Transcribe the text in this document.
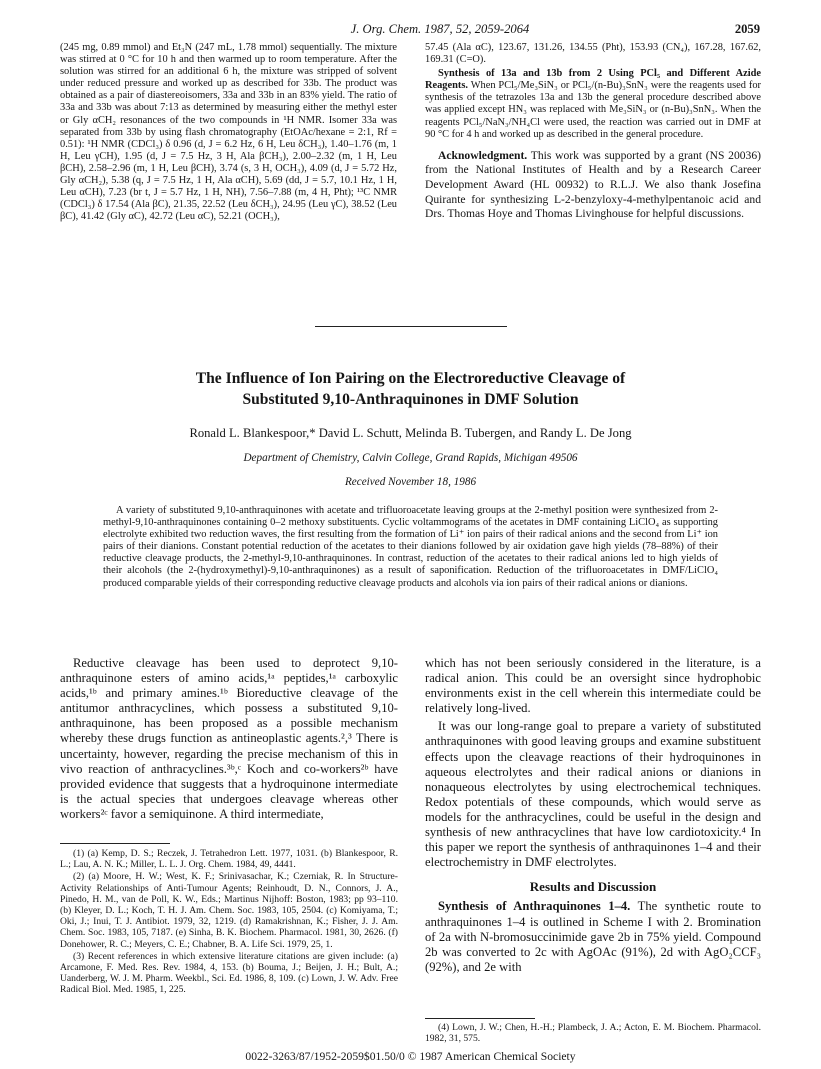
J. Org. Chem. 1987, 52, 2059-2064	2059

(245 mg, 0.89 mmol) and Et₃N (247 mL, 1.78 mmol) sequentially. The mixture was stirred at 0 °C for 10 h and then warmed up to room temperature. After the solution was stirred for an additional 6 h, the mixture was stripped of solvent under reduced pressure and worked up as described for 33b. The product was obtained as a pair of diastereoisomers, 33a and 33b in an 83% yield. The ratio of 33a and 33b was about 7:13 as determined by measuring either the methyl ester or Gly αCH₂ resonances of the two compounds in ¹H NMR. Isomer 33a was separated from 33b by using flash chromatography (EtOAc/hexane = 2:1, Rf = 0.51): ¹H NMR (CDCl₃) δ 0.96 (d, J = 6.2 Hz, 6 H, Leu δCH₃), 1.40–1.76 (m, 1 H, Leu γCH), 1.95 (d, J = 7.5 Hz, 3 H, Ala βCH₃), 2.00–2.32 (m, 1 H, Leu βCH), 2.58–2.96 (m, 1 H, Leu βCH), 3.74 (s, 3 H, OCH₃), 4.09 (d, J = 5.72 Hz, Gly αCH₂), 5.38 (q, J = 7.5 Hz, 1 H, Ala αCH), 5.69 (dd, J = 5.7, 10.1 Hz, 1 H, Leu αCH), 7.23 (br t, J = 5.7 Hz, 1 H, NH), 7.56–7.88 (m, 4 H, Pht); ¹³C NMR (CDCl₃) δ 17.54 (Ala βC), 21.35, 22.52 (Leu δCH₃), 24.95 (Leu γC), 38.52 (Leu βC), 41.42 (Gly αC), 42.72 (Leu αC), 52.21 (OCH₃),

57.45 (Ala αC), 123.67, 131.26, 134.55 (Pht), 153.93 (CN₄), 167.28, 167.62, 169.31 (C=O).

Synthesis of 13a and 13b from 2 Using PCl₅ and Different Azide Reagents. When PCl₅/Me₃SiN₃ or PCl₅/(n-Bu)₃SnN₃ were the reagents used for synthesis of the tetrazoles 13a and 13b the general procedure described above was applied except HN₃ was replaced with Me₃SiN₃ or (n-Bu)₃SnN₃. When the reagents PCl₅/NaN₃/NH₄Cl were used, the reaction was carried out in DMF at 90 °C for 4 h and worked up as described in the general procedure.

Acknowledgment. This work was supported by a grant (NS 20036) from the National Institutes of Health and by a Research Career Development Award (HL 00932) to R.L.J. We also thank Josefina Quirante for synthesizing L-2-benzyloxy-4-methylpentanoic acid and Drs. Thomas Hoye and Thomas Livinghouse for helpful discussions.

The Influence of Ion Pairing on the Electroreductive Cleavage of
Substituted 9,10-Anthraquinones in DMF Solution
Ronald L. Blankespoor,* David L. Schutt, Melinda B. Tubergen, and Randy L. De Jong
Department of Chemistry, Calvin College, Grand Rapids, Michigan 49506
Received November 18, 1986

A variety of substituted 9,10-anthraquinones with acetate and trifluoroacetate leaving groups at the 2-methyl position were synthesized from 2-methyl-9,10-anthraquinones containing 0–2 methoxy substituents. Cyclic voltammograms of the acetates in DMF containing LiClO₄ as supporting electrolyte exhibited two reduction waves, the first resulting from the formation of Li⁺ ion pairs of their radical anions and the second from Li⁺ ion pairs of their dianions. Constant potential reduction of the acetates to their dianions followed by air oxidation gave high yields (78–88%) of their reductive cleavage products, the 2-methyl-9,10-anthraquinones. In contrast, reduction of the acetates to their radical anions led to high yields of their alcohols (the 2-(hydroxymethyl)-9,10-anthraquinones) as a result of saponification. Reduction of the trifluoroacetates in DMF/LiClO₄ produced comparable yields of their corresponding reductive cleavage products and alcohols via ion pairs of their radical anions or dianions.

Reductive cleavage has been used to deprotect 9,10-anthraquinone esters of amino acids,¹ᵃ peptides,¹ᵃ carboxylic acids,¹ᵇ and primary amines.¹ᵇ Bioreductive cleavage of the antitumor anthracyclines, which possess a substituted 9,10-anthraquinone, has been proposed as a possible mechanism whereby these drugs function as antineoplastic agents.²,³ There is uncertainty, however, regarding the precise mechanism of this in vivo reaction of anthracyclines.³ᵇ,ᶜ Koch and co-workers²ᵇ have provided evidence that suggests that a hydroquinone intermediate is the actual species that undergoes cleavage whereas other workers²ᶜ favor a semiquinone. A third intermediate,

(1) (a) Kemp, D. S.; Reczek, J. Tetrahedron Lett. 1977, 1031. (b) Blankespoor, R. L.; Lau, A. N. K.; Miller, L. L. J. Org. Chem. 1984, 49, 4441.

(2) (a) Moore, H. W.; West, K. F.; Srinivasachar, K.; Czerniak, R. In Structure-Activity Relationships of Anti-Tumour Agents; Reinhoudt, D. N., Connors, J. A., Pinedo, H. M., van de Poll, K. W., Eds.; Martinus Nijhoff: Boston, 1983; pp 93–110. (b) Kleyer, D. L.; Koch, T. H. J. Am. Chem. Soc. 1983, 105, 2504. (c) Komiyama, T.; Oki, J.; Inui, T. J. Antibiot. 1979, 32, 1219. (d) Ramakrishnan, K.; Fisher, J. J. Am. Chem. Soc. 1983, 105, 7187. (e) Sinha, B. K. Biochem. Pharmacol. 1981, 30, 2626. (f) Donehower, R. C.; Meyers, C. E.; Chabner, B. A. Life Sci. 1979, 25, 1.

(3) Recent references in which extensive literature citations are given include: (a) Arcamone, F. Med. Res. Rev. 1984, 4, 153. (b) Bouma, J.; Beijen, J. H.; Bult, A.; Uanderberg, W. J. M. Pharm. Weekbl., Sci. Ed. 1986, 8, 109. (c) Lown, J. W. Adv. Free Radical Biol. Med. 1985, 1, 225.

which has not been seriously considered in the literature, is a radical anion. This could be an oversight since hydrophobic environments exist in the cell wherein this intermediate could be relatively long-lived.

It was our long-range goal to prepare a variety of substituted anthraquinones with good leaving groups and examine substituent effects upon the cleavage reactions of their hydroquinones in aqueous electrolytes and their radical anions or dianions in nonaqueous electrolytes by using electrochemical techniques. Redox potentials of these compounds, which would serve as models for the anthracyclines, could be useful in the design and synthesis of new anthracyclines that have low cardiotoxicity.⁴ In this paper we report the synthesis of anthraquinones 1–4 and their electrochemistry in DMF electrolytes.

Results and Discussion

Synthesis of Anthraquinones 1–4. The synthetic route to anthraquinones 1–4 is outlined in Scheme I with 2. Bromination of 2a with N-bromosuccinimide gave 2b in 75% yield. Compound 2b was converted to 2c with AgOAc (91%), 2d with AgO₂CCF₃ (92%), and 2e with

(4) Lown, J. W.; Chen, H.-H.; Plambeck, J. A.; Acton, E. M. Biochem. Pharmacol. 1982, 31, 575.

0022-3263/87/1952-2059$01.50/0 © 1987 American Chemical Society
